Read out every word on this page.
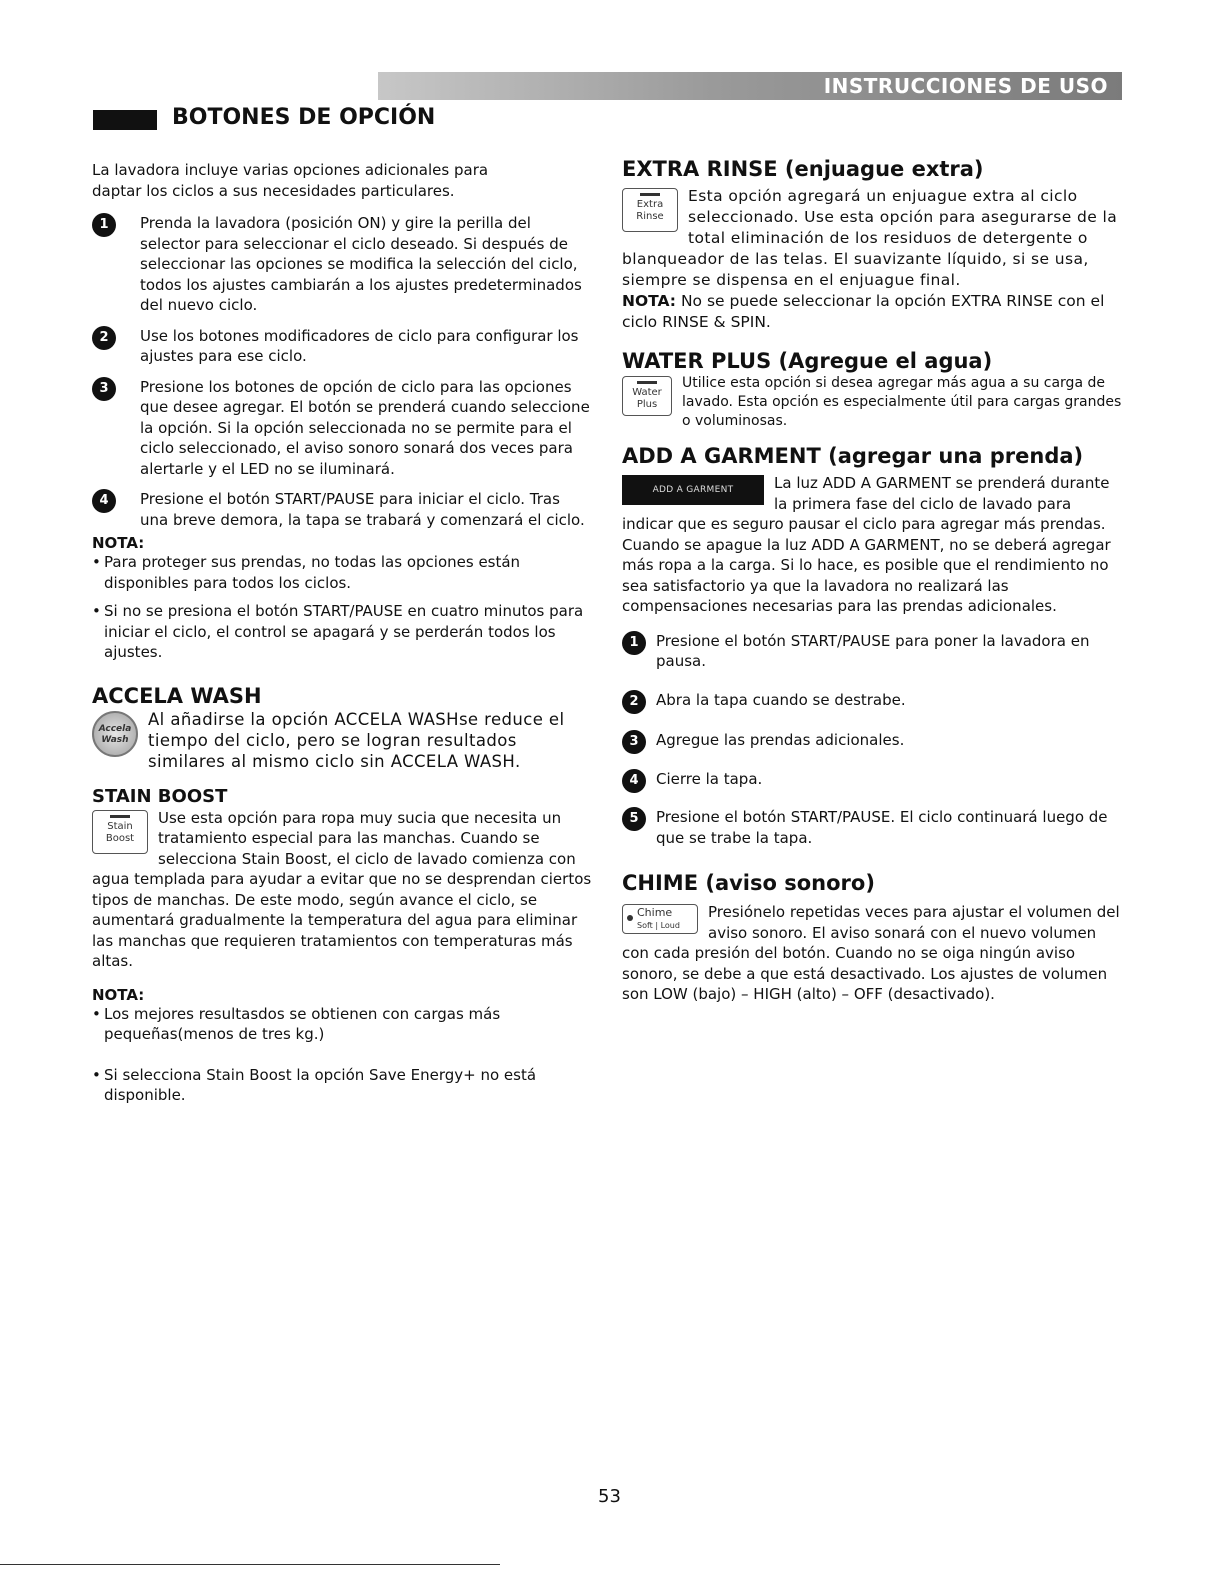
INSTRUCCIONES DE USO
BOTONES DE OPCIÓN

La lavadora incluye varias opciones adicionales para daptar los ciclos a sus necesidades particulares.

1	Prenda la lavadora (posición ON) y gire la perilla del selector para seleccionar el ciclo deseado. Si después de seleccionar las opciones se modifica la selección del ciclo, todos los ajustes cambiarán a los ajustes predeterminados del nuevo ciclo.
2	Use los botones modificadores de ciclo para configurar los ajustes para ese ciclo.
3	Presione los botones de opción de ciclo para las opciones que desee agregar. El botón se prenderá cuando seleccione la opción. Si la opción seleccionada no se permite para el ciclo seleccionado, el aviso sonoro sonará dos veces para alertarle y el LED no se iluminará.
4	Presione el botón START/PAUSE para iniciar el ciclo. Tras una breve demora, la tapa se trabará y comenzará el ciclo.

NOTA:

• Para proteger sus prendas, no todas las opciones están disponibles para todos los ciclos.

• Si no se presiona el botón START/PAUSE en cuatro minutos para iniciar el ciclo, el control se apagará y se perderán todos los ajustes.

ACCELA WASH
Accela
Wash

Al añadirse la opción ACCELA WASHse reduce el tiempo del ciclo, pero se logran resultados similares al mismo ciclo sin ACCELA WASH.

STAIN BOOST
Stain
Boost

Use esta opción para ropa muy sucia que necesita un tratamiento especial para las manchas. Cuando se selecciona Stain Boost, el ciclo de lavado comienza con agua templada para ayudar a evitar que no se desprendan ciertos tipos de manchas. De este modo, según avance el ciclo, se aumentará gradualmente la temperatura del agua para eliminar las manchas que requieren tratamientos con temperaturas más altas.

NOTA:

• Los mejores resultasdos se obtienen con cargas más pequeñas(menos de tres kg.)

• Si selecciona Stain Boost la opción Save Energy+ no está disponible.

EXTRA RINSE (enjuague extra)
Extra
Rinse

Esta opción agregará un enjuague extra al ciclo seleccionado. Use esta opción para asegurarse de la total eliminación de los residuos de detergente o blanqueador de las telas. El suavizante líquido, si se usa, siempre se dispensa en el enjuague final.

NOTA: No se puede seleccionar la opción EXTRA RINSE con el ciclo RINSE & SPIN.

WATER PLUS (Agregue el agua)
Water
Plus

Utilice esta opción si desea agregar más agua a su carga de lavado. Esta opción es especialmente útil para cargas grandes o voluminosas.

ADD A GARMENT (agregar una prenda)
ADD A GARMENT	La luz ADD A GARMENT se prenderá durante la primera fase del ciclo de lavado para indicar que es seguro pausar el ciclo para agregar más prendas. Cuando se apague la luz ADD A GARMENT, no se deberá agregar más ropa a la carga. Si lo hace, es posible que el rendimiento no sea satisfactorio ya que la lavadora no realizará las compensaciones necesarias para las prendas adicionales.

1	Presione el botón START/PAUSE para poner la lavadora en pausa.
2	Abra la tapa cuando se destrabe.
3	Agregue las prendas adicionales.
4	Cierre la tapa.
5	Presione el botón START/PAUSE. El ciclo continuará luego de que se trabe la tapa.
CHIME (aviso sonoro)
Chime
Soft | Loud

Presiónelo repetidas veces para ajustar el volumen del aviso sonoro. El aviso sonará con el nuevo volumen con cada presión del botón. Cuando no se oiga ningún aviso sonoro, se debe a que está desactivado. Los ajustes de volumen son LOW (bajo) – HIGH (alto) – OFF (desactivado).

53
